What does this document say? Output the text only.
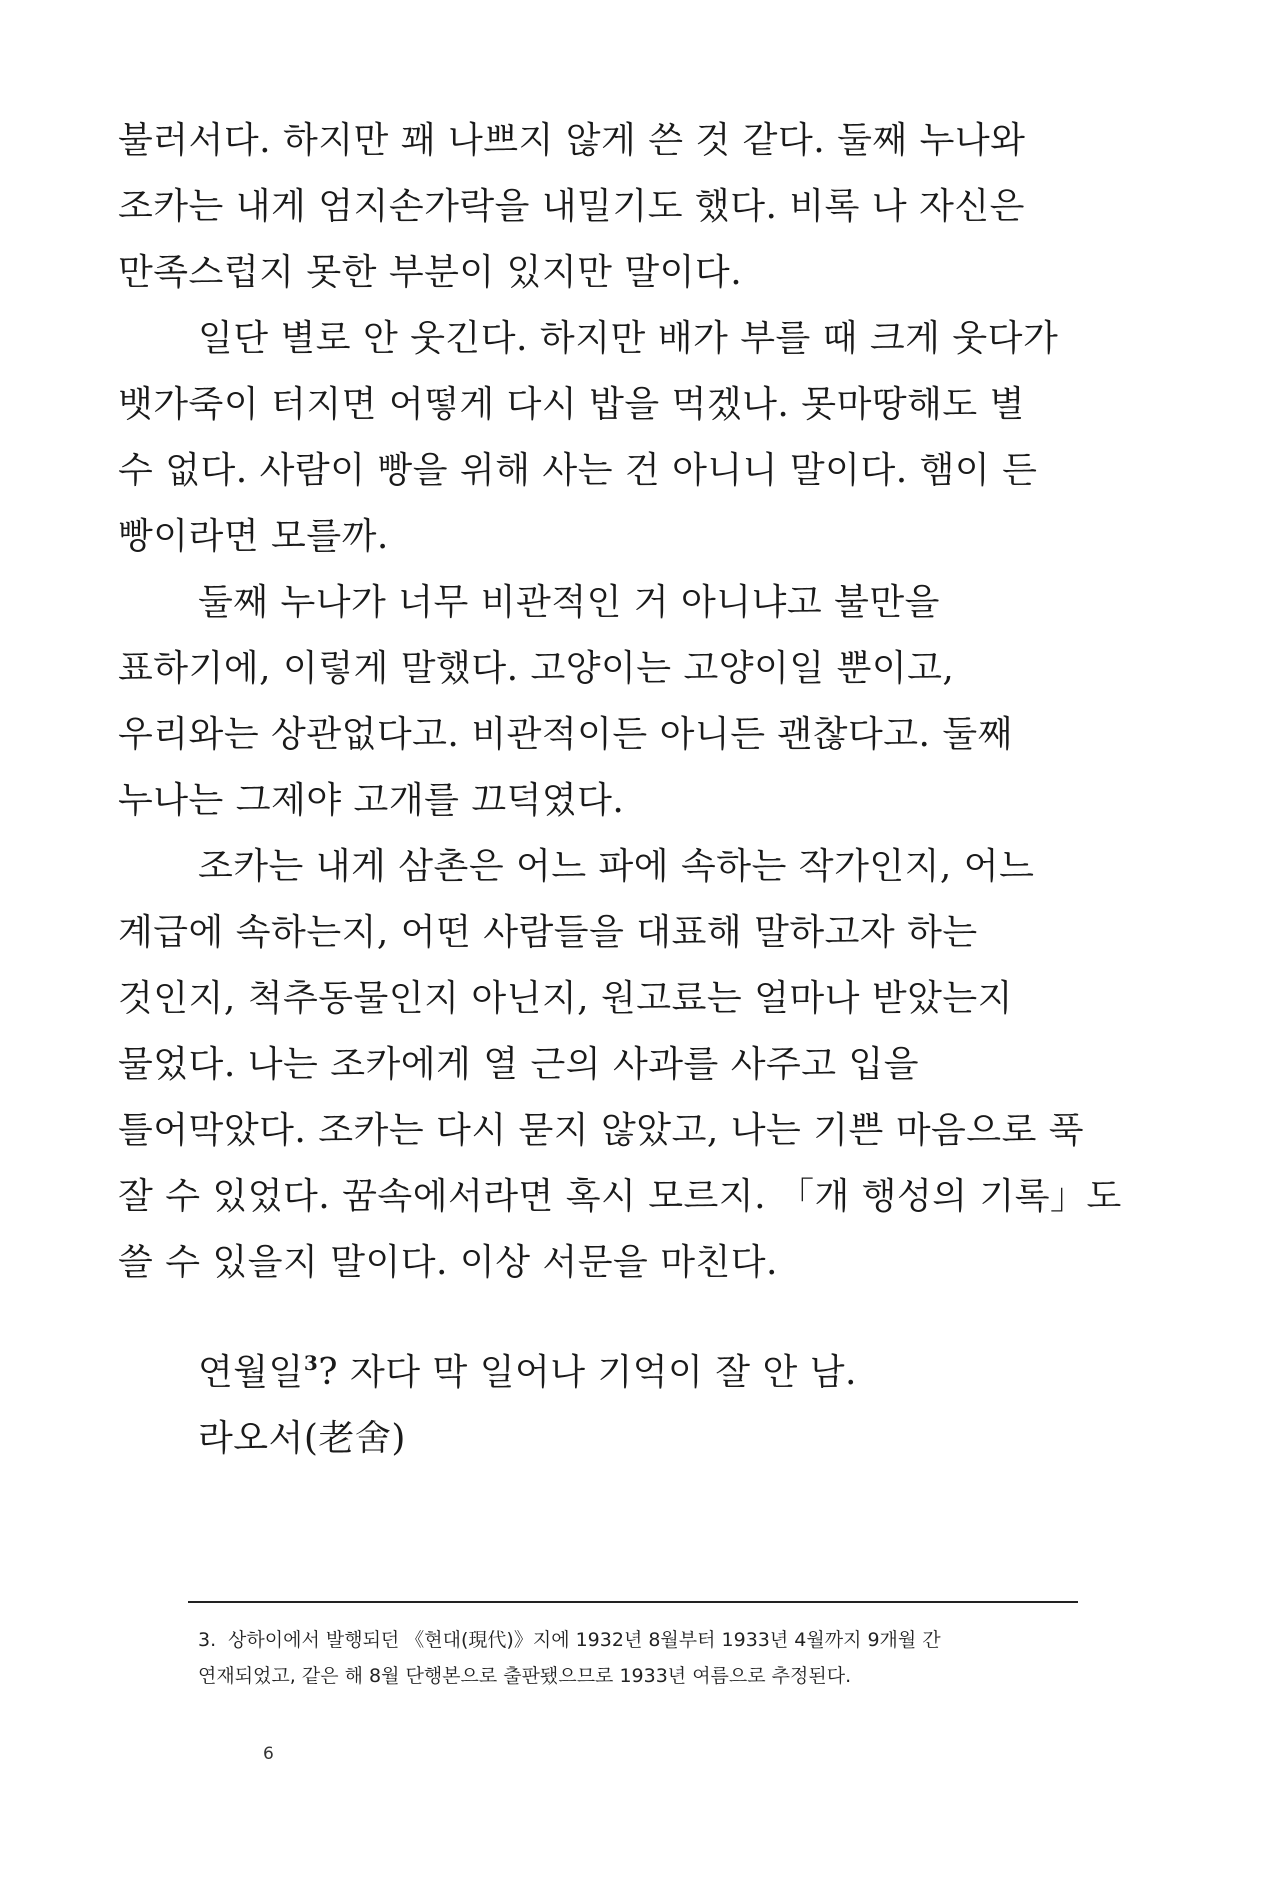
불러서다. 하지만 꽤 나쁘지 않게 쓴 것 같다. 둘째 누나와
조카는 내게 엄지손가락을 내밀기도 했다. 비록 나 자신은
만족스럽지 못한 부분이 있지만 말이다.
일단 별로 안 웃긴다. 하지만 배가 부를 때 크게 웃다가
뱃가죽이 터지면 어떻게 다시 밥을 먹겠나. 못마땅해도 별
수 없다. 사람이 빵을 위해 사는 건 아니니 말이다. 햄이 든
빵이라면 모를까.
둘째 누나가 너무 비관적인 거 아니냐고 불만을
표하기에, 이렇게 말했다. 고양이는 고양이일 뿐이고,
우리와는 상관없다고. 비관적이든 아니든 괜찮다고. 둘째
누나는 그제야 고개를 끄덕였다.
조카는 내게 삼촌은 어느 파에 속하는 작가인지, 어느
계급에 속하는지, 어떤 사람들을 대표해 말하고자 하는
것인지, 척추동물인지 아닌지, 원고료는 얼마나 받았는지
물었다. 나는 조카에게 열 근의 사과를 사주고 입을
틀어막았다. 조카는 다시 묻지 않았고, 나는 기쁜 마음으로 푹
잘 수 있었다. 꿈속에서라면 혹시 모르지. 「개 행성의 기록」도
쓸 수 있을지 말이다. 이상 서문을 마친다.
연월일$^3$? 자다 막 일어나 기억이 잘 안 남.
라오서(老舍)
3. 상하이에서 발행되던 《현대(現代)》지에 1932년 8월부터 1933년 4월까지 9개월 간
연재되었고, 같은 해 8월 단행본으로 출판됐으므로 1933년 여름으로 추정된다.
6
